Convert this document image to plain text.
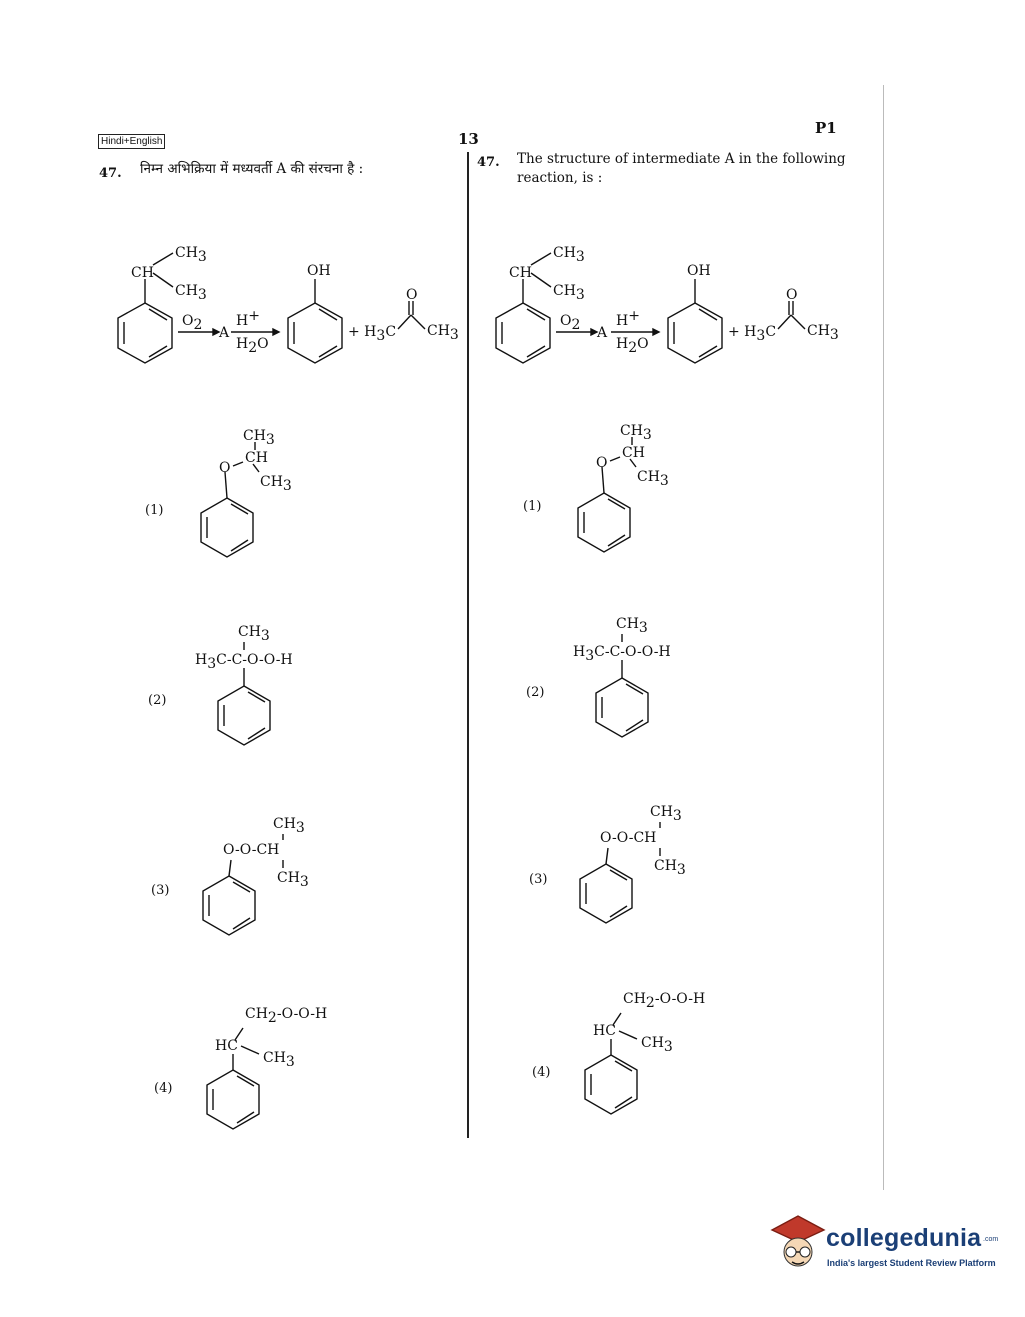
Hindi+English	13
P1
47. निम्न अभिक्रिया में मध्यवर्ती A की संरचना है :	47. The structure of intermediate A in the following reaction, is :
CH
CH3
CH3
O2 A
H+
H2O
OH
+ H3C
O
CH3
(1)
O
CH
CH3
CH3
(2)
CH3
H3C-C-O-O-H
(3)
CH3
O-O-CH
CH3
(4)
CH2-O-O-H
HC
CH3
CH
CH3
CH3
O2 A
H+
H2O
OH
+ H3C
O
CH3
(1)
O
CH
CH3
CH3
(2)
CH3
H3C-C-O-O-H
(3)
CH3
O-O-CH
CH3
(4)
CH2-O-O-H
HC
CH3
collegedunia .com
India's largest Student Review Platform
